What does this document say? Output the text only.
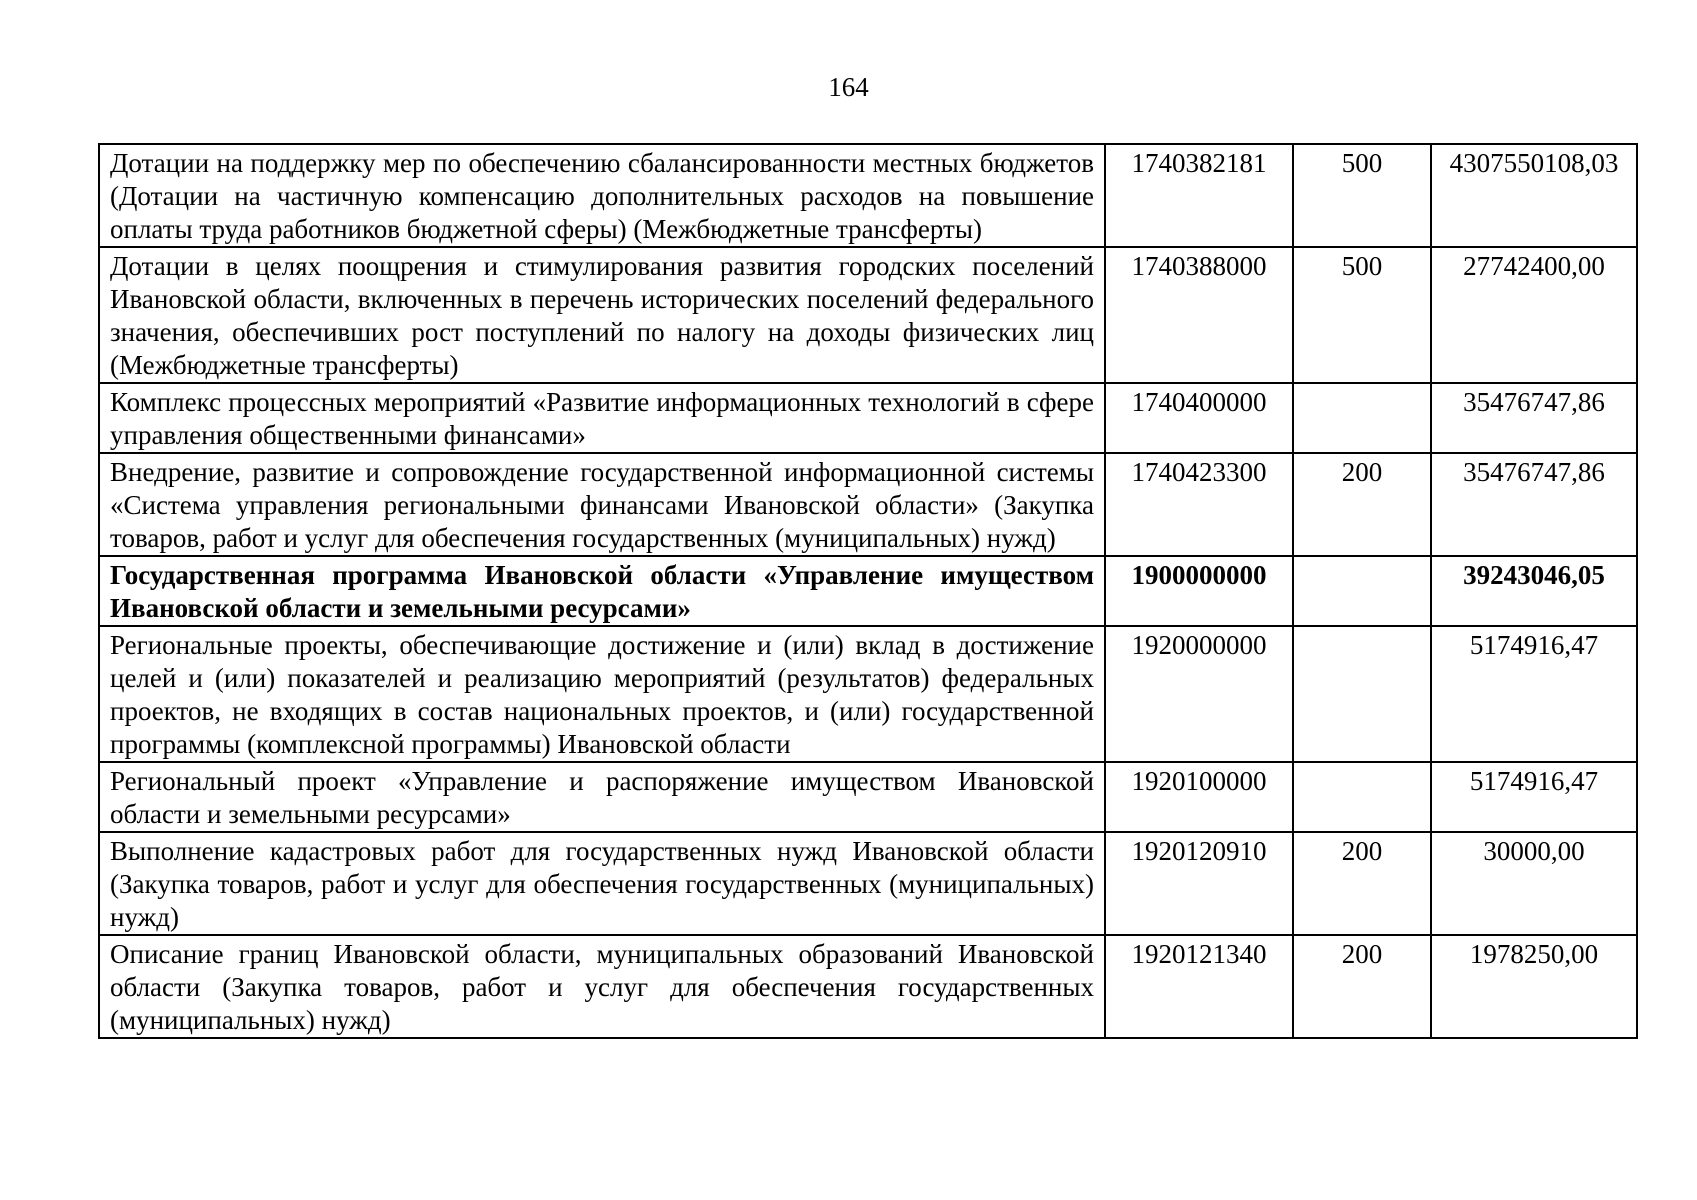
164
Дотации на поддержку мер по обеспечению сбалансированности местных бюджетов (Дотации на частичную компенсацию дополнительных расходов на повышение оплаты труда работников бюджетной сферы) (Межбюджетные трансферты)	1740382181	500	4307550108,03
Дотации в целях поощрения и стимулирования развития городских поселений Ивановской области, включенных в перечень исторических поселений федерального значения, обеспечивших рост поступлений по налогу на доходы физических лиц (Межбюджетные трансферты)	1740388000	500	27742400,00
Комплекс процессных мероприятий «Развитие информационных технологий в сфере управления общественными финансами»	1740400000		35476747,86
Внедрение, развитие и сопровождение государственной информационной системы «Система управления региональными финансами Ивановской области» (Закупка товаров, работ и услуг для обеспечения государственных (муниципальных) нужд)	1740423300	200	35476747,86
Государственная программа Ивановской области «Управление имуществом Ивановской области и земельными ресурсами»	1900000000		39243046,05
Региональные проекты, обеспечивающие достижение и (или) вклад в достижение целей и (или) показателей и реализацию мероприятий (результатов) федеральных проектов, не входящих в состав национальных проектов, и (или) государственной программы (комплексной программы) Ивановской области	1920000000		5174916,47
Региональный проект «Управление и распоряжение имуществом Ивановской области и земельными ресурсами»	1920100000		5174916,47
Выполнение кадастровых работ для государственных нужд Ивановской области (Закупка товаров, работ и услуг для обеспечения государственных (муниципальных) нужд)	1920120910	200	30000,00
Описание границ Ивановской области, муниципальных образований Ивановской области (Закупка товаров, работ и услуг для обеспечения государственных (муниципальных) нужд)	1920121340	200	1978250,00
